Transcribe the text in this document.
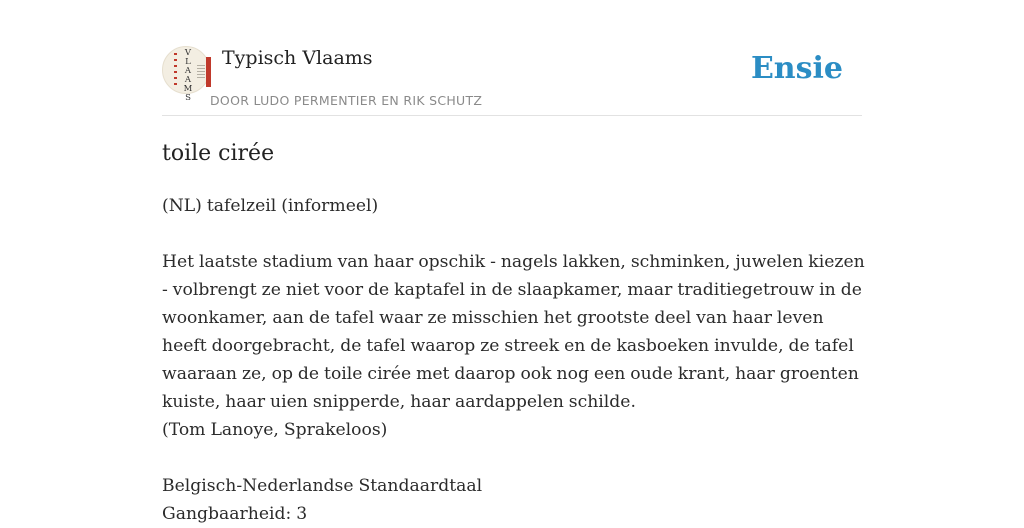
V
L
A
A
M
S
Typisch Vlaams
DOOR LUDO PERMENTIER EN RIK SCHUTZ
Ensie
toile cirée
(NL) tafelzeil (informeel)
Het laatste stadium van haar opschik - nagels lakken, schminken, juwelen kiezen
- volbrengt ze niet voor de kaptafel in de slaapkamer, maar traditiegetrouw in de
woonkamer, aan de tafel waar ze misschien het grootste deel van haar leven
heeft doorgebracht, de tafel waarop ze streek en de kasboeken invulde, de tafel
waaraan ze, op de toile cirée met daarop ook nog een oude krant, haar groenten
kuiste, haar uien snipperde, haar aardappelen schilde.
(Tom Lanoye, Sprakeloos)
Belgisch-Nederlandse Standaardtaal
Gangbaarheid: 3
